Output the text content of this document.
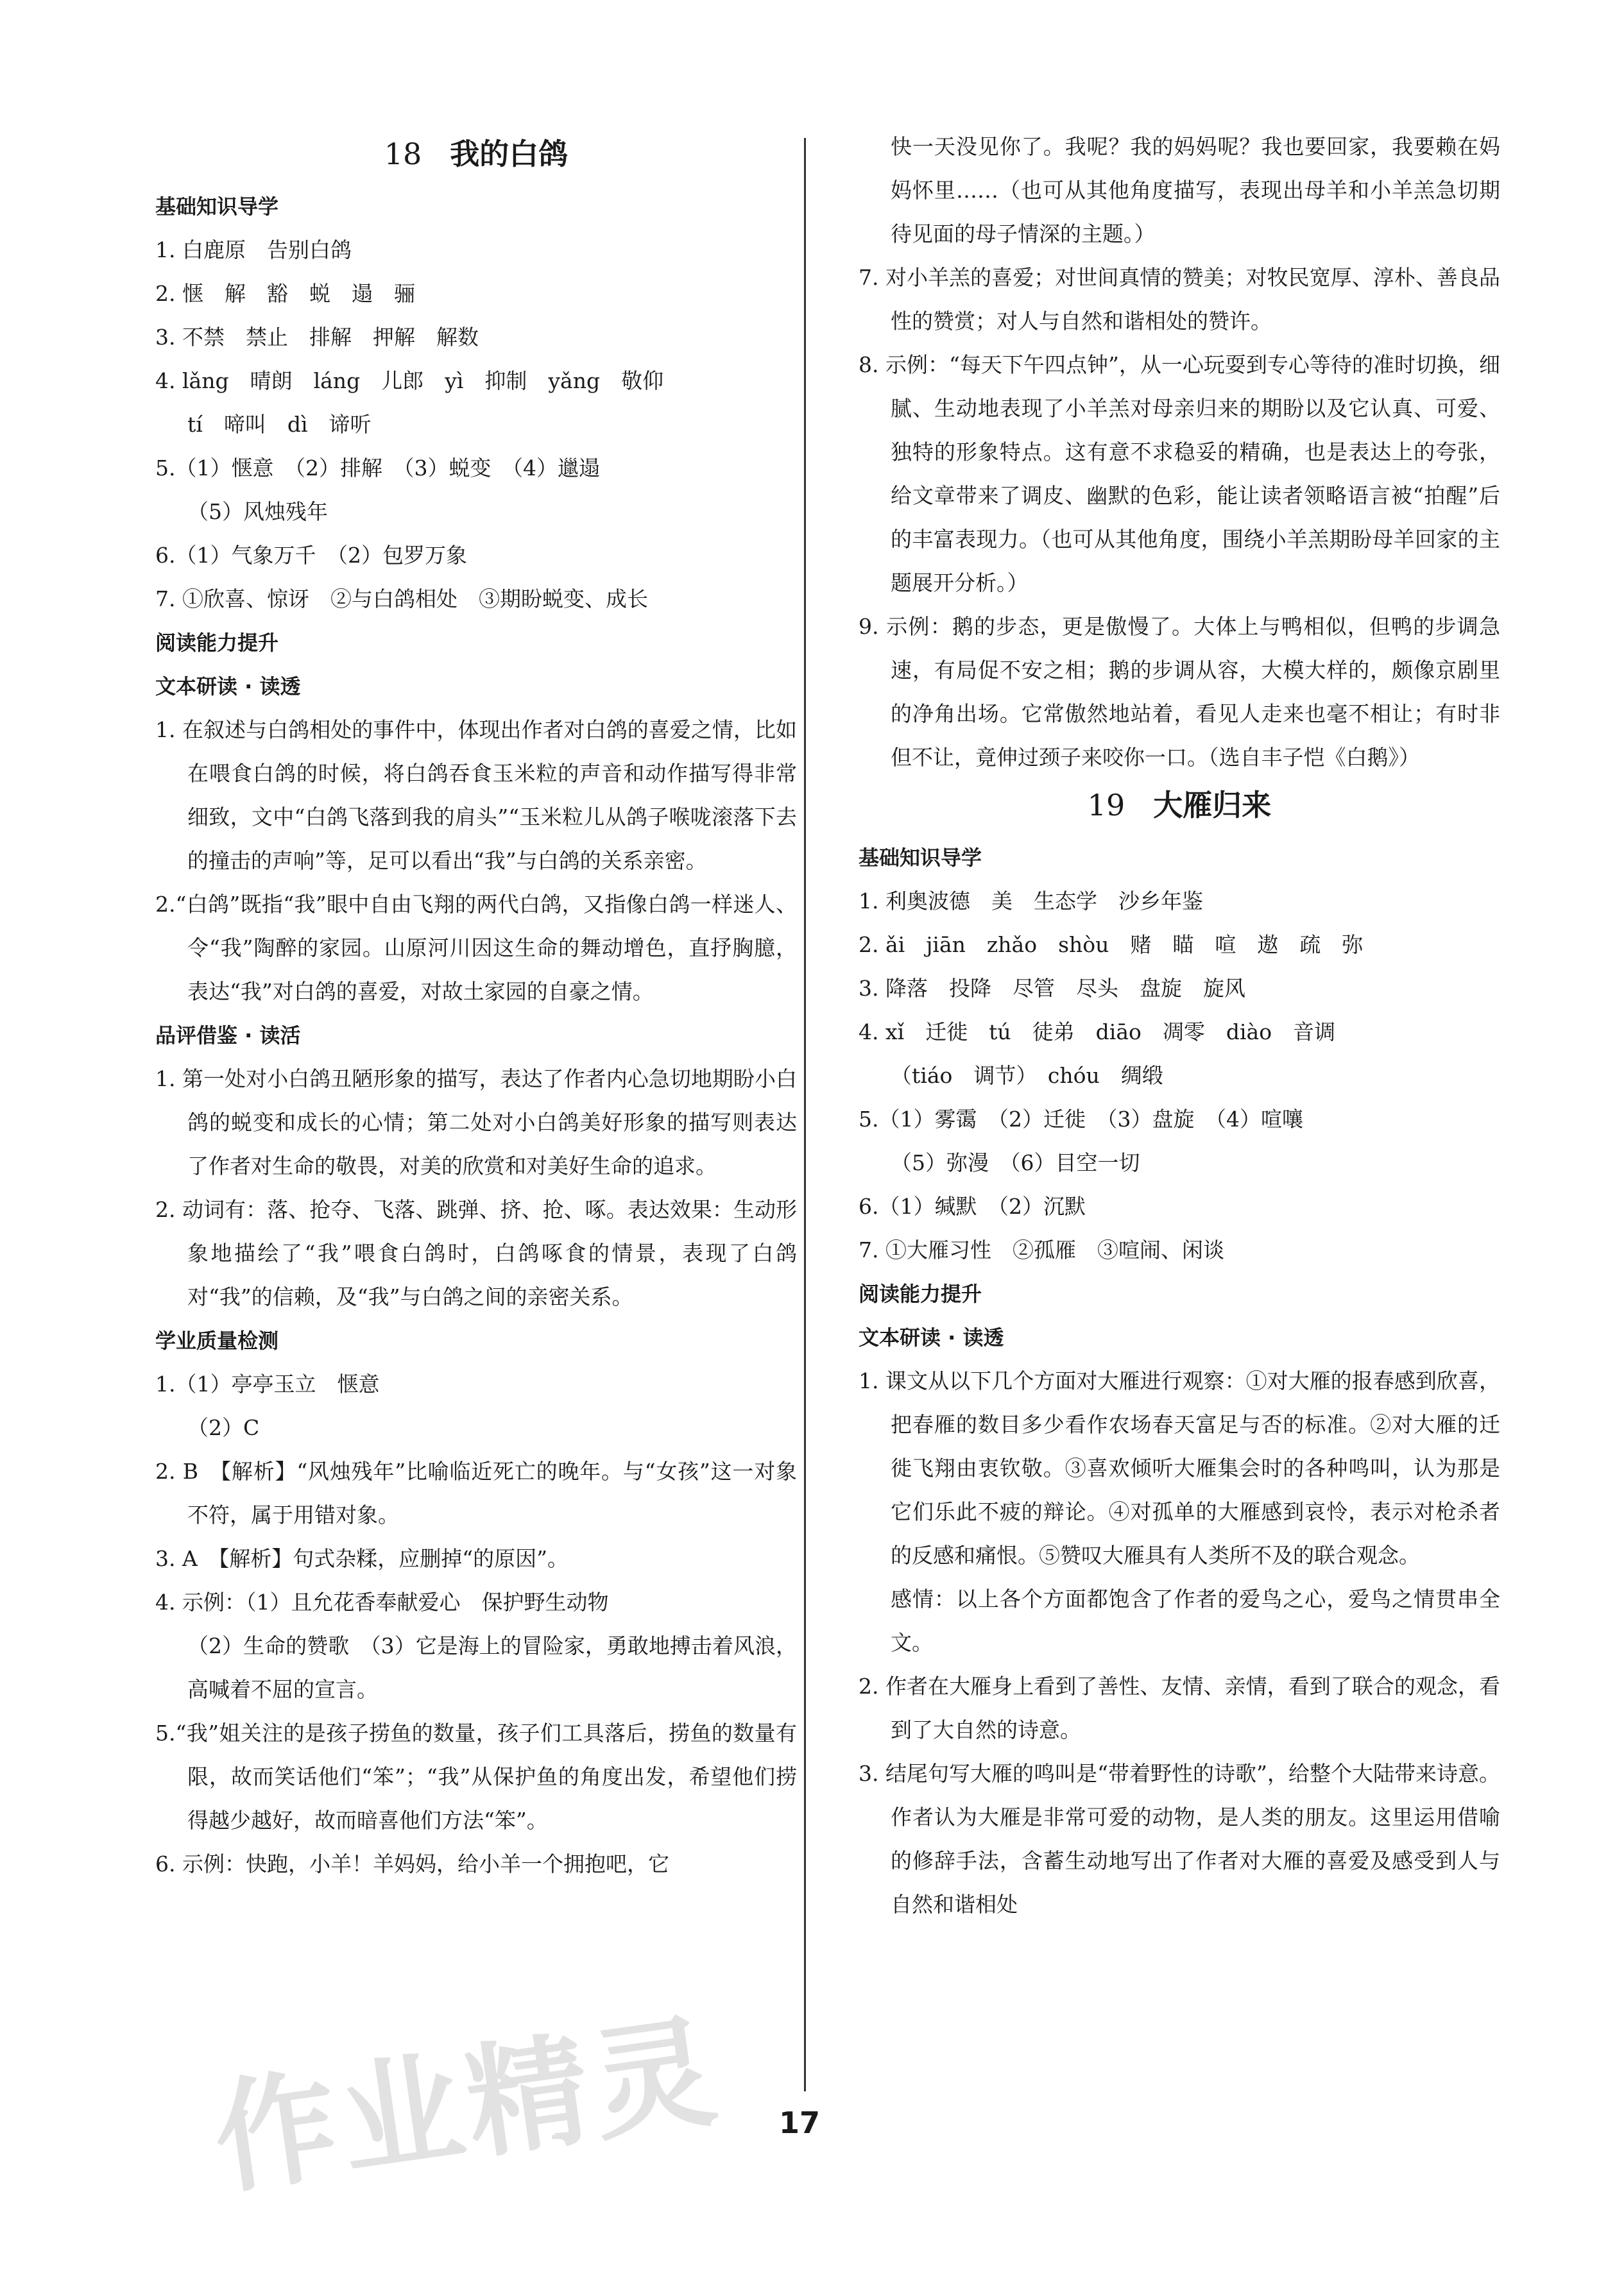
18 我的白鸽
基础知识导学
1. 白鹿原　告别白鸽
2. 惬　解　豁　蜕　遢　骊
3. 不禁　禁止　排解　押解　解数
4. lǎng　晴朗　láng　儿郎　yì　抑制　yǎng　敬仰
tí　啼叫　dì　谛听
5.（1）惬意　（2）排解　（3）蜕变　（4）邋遢
（5）风烛残年
6.（1）气象万千　（2）包罗万象
7. ①欣喜、惊讶　②与白鸽相处　③期盼蜕变、成长
阅读能力提升
文本研读 · 读透
1. 在叙述与白鸽相处的事件中，体现出作者对白鸽的喜爱之情，比如在喂食白鸽的时候，将白鸽吞食玉米粒的声音和动作描写得非常细致，文中“白鸽飞落到我的肩头”“玉米粒儿从鸽子喉咙滚落下去的撞击的声响”等，足可以看出“我”与白鸽的关系亲密。
2.“白鸽”既指“我”眼中自由飞翔的两代白鸽，又指像白鸽一样迷人、令“我”陶醉的家园。山原河川因这生命的舞动增色，直抒胸臆，表达“我”对白鸽的喜爱，对故土家园的自豪之情。
品评借鉴 · 读活
1. 第一处对小白鸽丑陋形象的描写，表达了作者内心急切地期盼小白鸽的蜕变和成长的心情；第二处对小白鸽美好形象的描写则表达了作者对生命的敬畏，对美的欣赏和对美好生命的追求。
2. 动词有：落、抢夺、飞落、跳弹、挤、抢、啄。表达效果：生动形象地描绘了“我”喂食白鸽时，白鸽啄食的情景，表现了白鸽对“我”的信赖，及“我”与白鸽之间的亲密关系。
学业质量检测
1.（1）亭亭玉立　惬意
（2）C
2. B　【解析】“风烛残年”比喻临近死亡的晚年。与“女孩”这一对象不符，属于用错对象。
3. A　【解析】句式杂糅，应删掉“的原因”。
4. 示例：（1）且允花香奉献爱心　保护野生动物
（2）生命的赞歌　（3）它是海上的冒险家，勇敢地搏击着风浪，高喊着不屈的宣言。
5.“我”姐关注的是孩子捞鱼的数量，孩子们工具落后，捞鱼的数量有限，故而笑话他们“笨”；“我”从保护鱼的角度出发，希望他们捞得越少越好，故而暗喜他们方法“笨”。
6. 示例：快跑，小羊！羊妈妈，给小羊一个拥抱吧，它
快一天没见你了。我呢？我的妈妈呢？我也要回家，我要赖在妈妈怀里……（也可从其他角度描写，表现出母羊和小羊羔急切期待见面的母子情深的主题。）
7. 对小羊羔的喜爱；对世间真情的赞美；对牧民宽厚、淳朴、善良品性的赞赏；对人与自然和谐相处的赞许。
8. 示例：“每天下午四点钟”，从一心玩耍到专心等待的准时切换，细腻、生动地表现了小羊羔对母亲归来的期盼以及它认真、可爱、独特的形象特点。这有意不求稳妥的精确，也是表达上的夸张，给文章带来了调皮、幽默的色彩，能让读者领略语言被“拍醒”后的丰富表现力。（也可从其他角度，围绕小羊羔期盼母羊回家的主题展开分析。）
9. 示例：鹅的步态，更是傲慢了。大体上与鸭相似，但鸭的步调急速，有局促不安之相；鹅的步调从容，大模大样的，颇像京剧里的净角出场。它常傲然地站着，看见人走来也毫不相让；有时非但不让，竟伸过颈子来咬你一口。（选自丰子恺《白鹅》）
19 大雁归来
基础知识导学
1. 利奥波德　美　生态学　沙乡年鉴
2. ǎi　jiān　zhǎo　shòu　赌　瞄　喧　遨　疏　弥
3. 降落　投降　尽管　尽头　盘旋　旋风
4. xǐ　迁徙　tú　徒弟　diāo　凋零　diào　音调
（tiáo　调节）　chóu　绸缎
5.（1）雾霭　（2）迁徙　（3）盘旋　（4）喧嚷
（5）弥漫　（6）目空一切
6.（1）缄默　（2）沉默
7. ①大雁习性　②孤雁　③喧闹、闲谈
阅读能力提升
文本研读 · 读透
1. 课文从以下几个方面对大雁进行观察：①对大雁的报春感到欣喜，把春雁的数目多少看作农场春天富足与否的标准。②对大雁的迁徙飞翔由衷钦敬。③喜欢倾听大雁集会时的各种鸣叫，认为那是它们乐此不疲的辩论。④对孤单的大雁感到哀怜，表示对枪杀者的反感和痛恨。⑤赞叹大雁具有人类所不及的联合观念。
感情：以上各个方面都饱含了作者的爱鸟之心，爱鸟之情贯串全文。
2. 作者在大雁身上看到了善性、友情、亲情，看到了联合的观念，看到了大自然的诗意。
3. 结尾句写大雁的鸣叫是“带着野性的诗歌”，给整个大陆带来诗意。作者认为大雁是非常可爱的动物，是人类的朋友。这里运用借喻的修辞手法，含蓄生动地写出了作者对大雁的喜爱及感受到人与自然和谐相处
作业精灵	17
